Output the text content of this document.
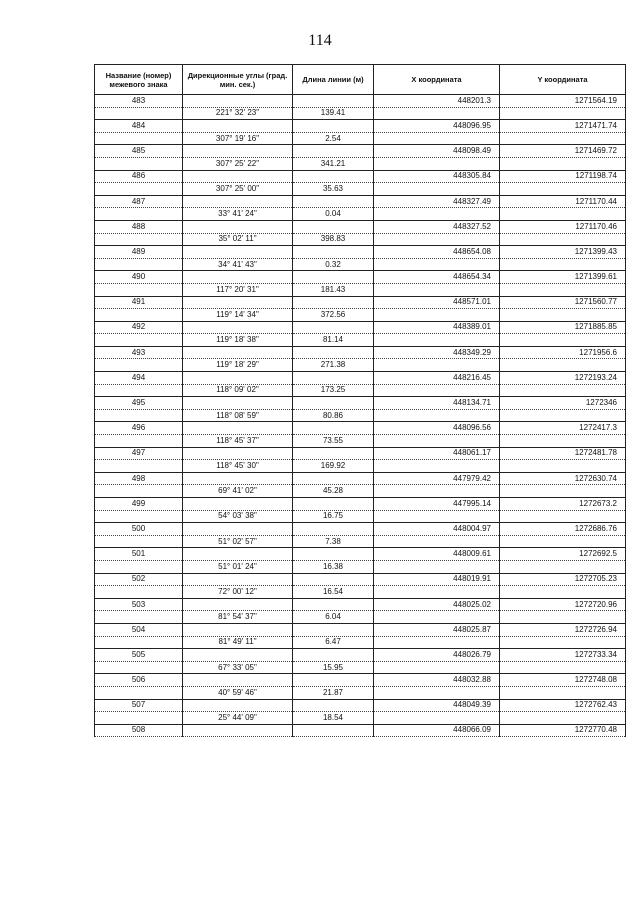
114
Название (номер) межевого знака	Дирекционные углы (град. мин. сек.)	Длина линии (м)	X координата	Y координата
483			448201.3	1271564.19
	221° 32' 23"	139.41		
484			448096.95	1271471.74
	307° 19' 16"	2.54		
485			448098.49	1271469.72
	307° 25' 22"	341.21		
486			448305.84	1271198.74
	307° 25' 00"	35.63		
487			448327.49	1271170.44
	33° 41' 24"	0.04		
488			448327.52	1271170.46
	35° 02' 11"	398.83		
489			448654.08	1271399.43
	34° 41' 43"	0.32		
490			448654.34	1271399.61
	117° 20' 31"	181.43		
491			448571.01	1271560.77
	119° 14' 34"	372.56		
492			448389.01	1271885.85
	119° 18' 38"	81.14		
493			448349.29	1271956.6
	119° 18' 29"	271.38		
494			448216.45	1272193.24
	118° 09' 02"	173.25		
495			448134.71	1272346
	118° 08' 59"	80.86		
496			448096.56	1272417.3
	118° 45' 37"	73.55		
497			448061.17	1272481.78
	118° 45' 30"	169.92		
498			447979.42	1272630.74
	69° 41' 02"	45.28		
499			447995.14	1272673.2
	54° 03' 38"	16.75		
500			448004.97	1272686.76
	51° 02' 57"	7.38		
501			448009.61	1272692.5
	51° 01' 24"	16.38		
502			448019.91	1272705.23
	72° 00' 12"	16.54		
503			448025.02	1272720.96
	81° 54' 37"	6.04		
504			448025.87	1272726.94
	81° 49' 11"	6.47		
505			448026.79	1272733.34
	67° 33' 05"	15.95		
506			448032.88	1272748.08
	40° 59' 46"	21.87		
507			448049.39	1272762.43
	25° 44' 09"	18.54		
508			448066.09	1272770.48
